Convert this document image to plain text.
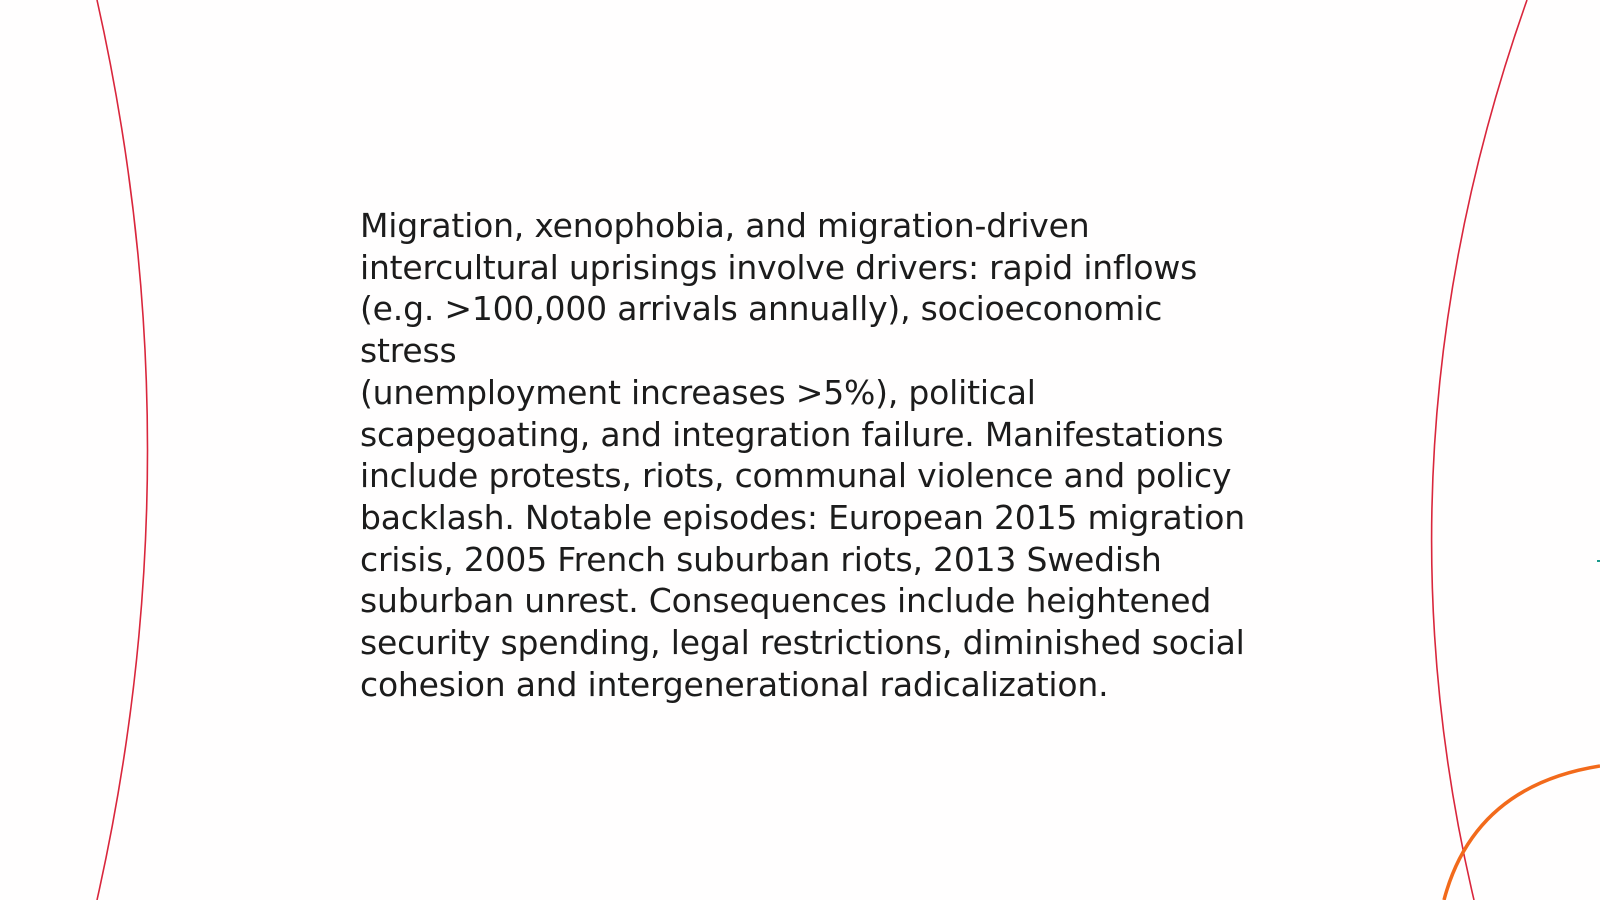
Migration, xenophobia, and migration-driven
intercultural uprisings involve drivers: rapid inflows
(e.g. >100,000 arrivals annually), socioeconomic stress
(unemployment increases >5%), political
scapegoating, and integration failure. Manifestations
include protests, riots, communal violence and policy
backlash. Notable episodes: European 2015 migration
crisis, 2005 French suburban riots, 2013 Swedish
suburban unrest. Consequences include heightened
security spending, legal restrictions, diminished social
cohesion and intergenerational radicalization.
